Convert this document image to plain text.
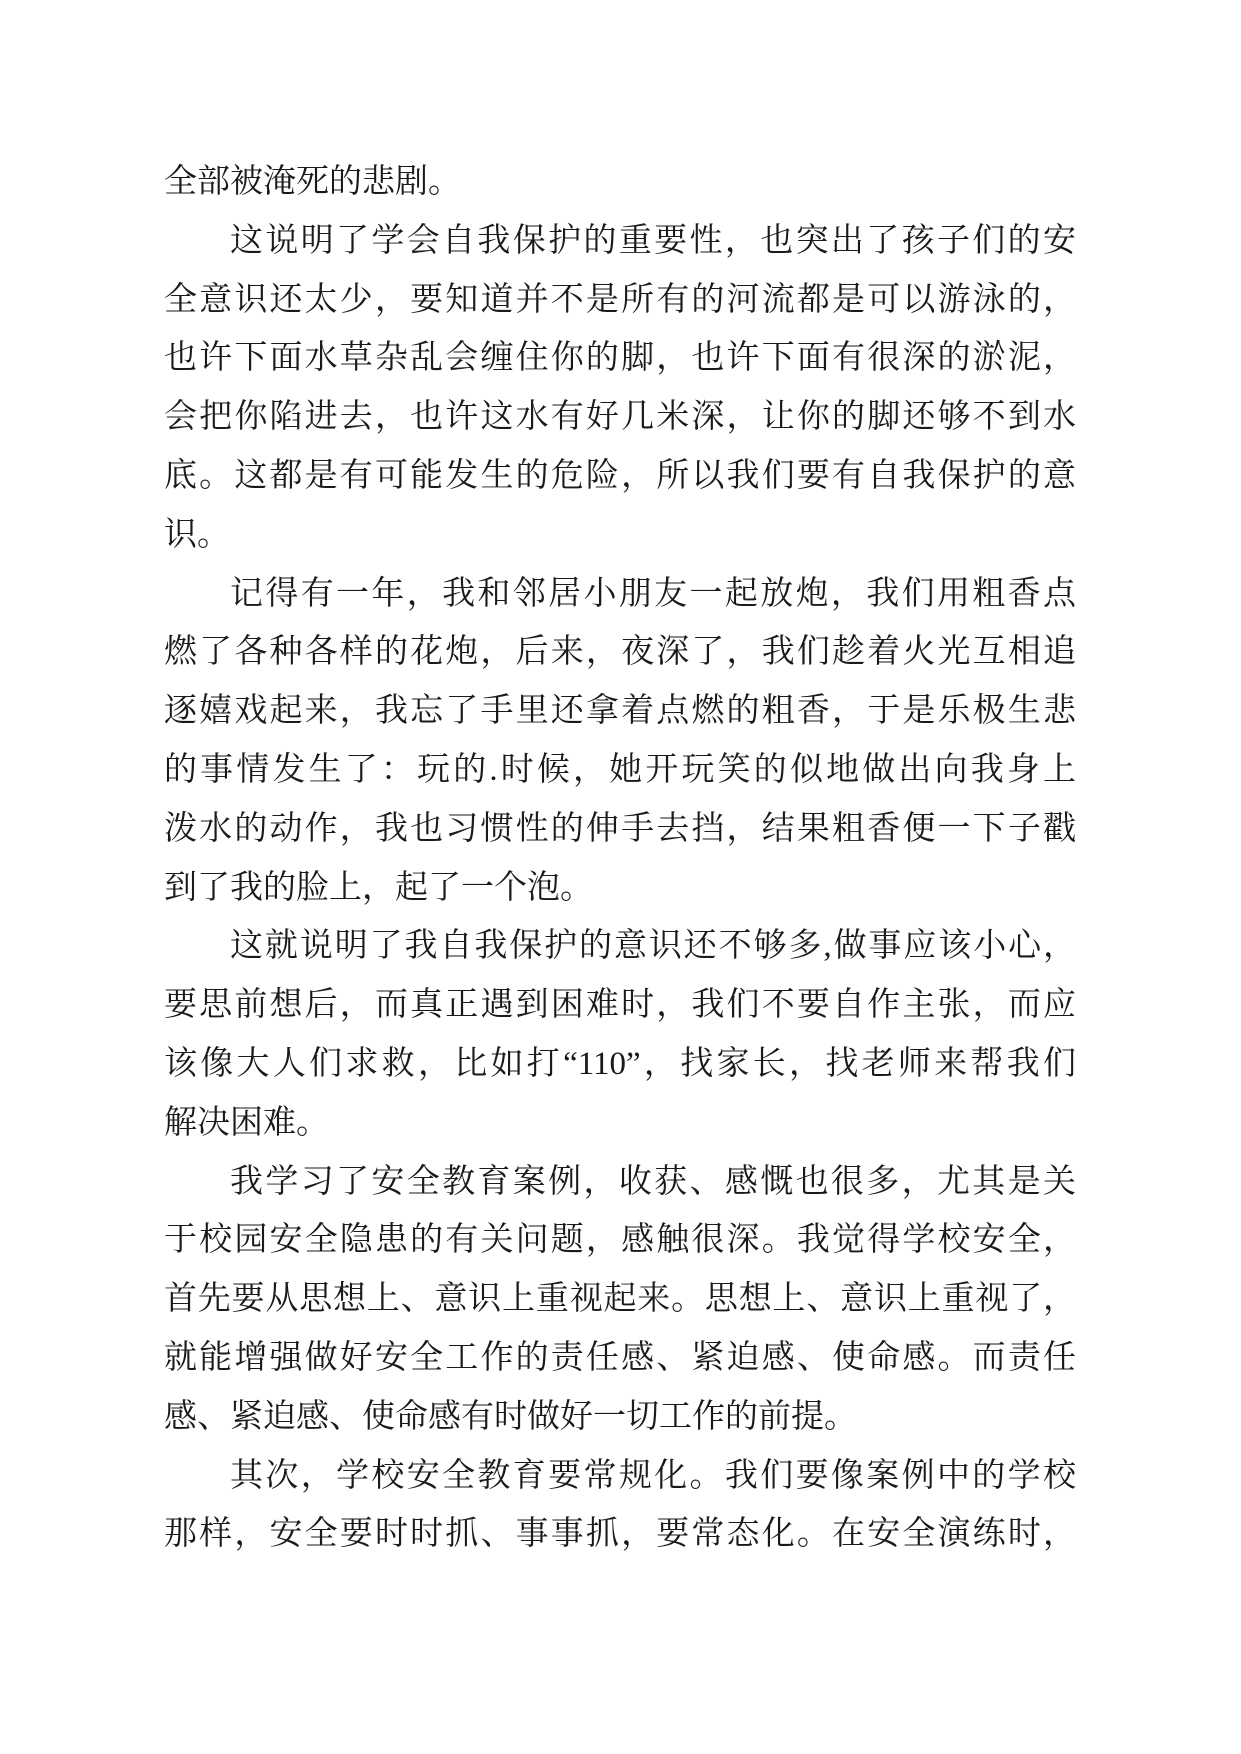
全部被淹死的悲剧。
这说明了学会自我保护的重要性，也突出了孩子们的安
全意识还太少，要知道并不是所有的河流都是可以游泳的，
也许下面水草杂乱会缠住你的脚，也许下面有很深的淤泥，
会把你陷进去，也许这水有好几米深，让你的脚还够不到水
底。这都是有可能发生的危险，所以我们要有自我保护的意
识。
记得有一年，我和邻居小朋友一起放炮，我们用粗香点
燃了各种各样的花炮，后来，夜深了，我们趁着火光互相追
逐嬉戏起来，我忘了手里还拿着点燃的粗香，于是乐极生悲
的事情发生了：玩的.时候，她开玩笑的似地做出向我身上
泼水的动作，我也习惯性的伸手去挡，结果粗香便一下子戳
到了我的脸上，起了一个泡。
这就说明了我自我保护的意识还不够多,做事应该小心，
要思前想后，而真正遇到困难时，我们不要自作主张，而应
该像大人们求救，比如打“110”，找家长，找老师来帮我们
解决困难。
我学习了安全教育案例，收获、感慨也很多，尤其是关
于校园安全隐患的有关问题，感触很深。我觉得学校安全，
首先要从思想上、意识上重视起来。思想上、意识上重视了，
就能增强做好安全工作的责任感、紧迫感、使命感。而责任
感、紧迫感、使命感有时做好一切工作的前提。
其次，学校安全教育要常规化。我们要像案例中的学校
那样，安全要时时抓、事事抓，要常态化。在安全演练时，
